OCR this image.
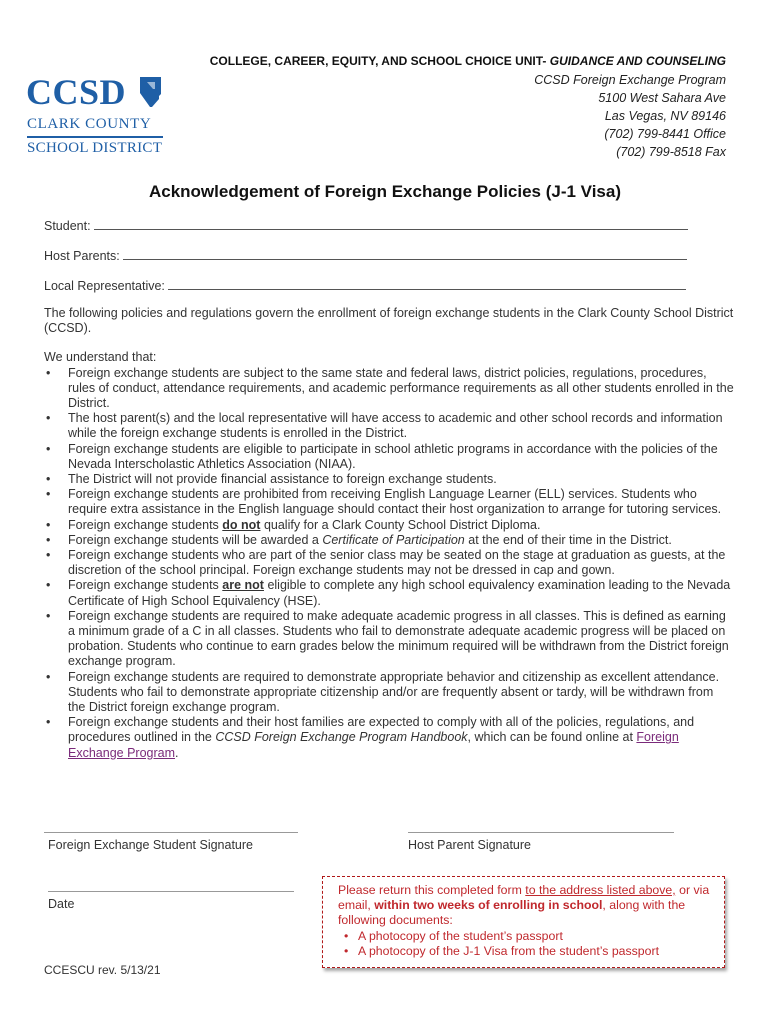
CCSD
CLARK COUNTY
SCHOOL DISTRICT
COLLEGE, CAREER, EQUITY, AND SCHOOL CHOICE UNIT- GUIDANCE AND COUNSELING
CCSD Foreign Exchange Program
5100 West Sahara Ave
Las Vegas, NV 89146
(702) 799-8441 Office
(702) 799-8518 Fax
Acknowledgement of Foreign Exchange Policies (J-1 Visa)
Student:
Host Parents:
Local Representative:

The following policies and regulations govern the enrollment of foreign exchange students in the Clark County School District (CCSD).

We understand that:

• Foreign exchange students are subject to the same state and federal laws, district policies, regulations, procedures, rules of conduct, attendance requirements, and academic performance requirements as all other students enrolled in the District.
• The host parent(s) and the local representative will have access to academic and other school records and information while the foreign exchange students is enrolled in the District.
• Foreign exchange students are eligible to participate in school athletic programs in accordance with the policies of the Nevada Interscholastic Athletics Association (NIAA).
• The District will not provide financial assistance to foreign exchange students.
• Foreign exchange students are prohibited from receiving English Language Learner (ELL) services. Students who require extra assistance in the English language should contact their host organization to arrange for tutoring services.
• Foreign exchange students do not qualify for a Clark County School District Diploma.
• Foreign exchange students will be awarded a Certificate of Participation at the end of their time in the District.
• Foreign exchange students who are part of the senior class may be seated on the stage at graduation as guests, at the discretion of the school principal. Foreign exchange students may not be dressed in cap and gown.
• Foreign exchange students are not eligible to complete any high school equivalency examination leading to the Nevada Certificate of High School Equivalency (HSE).
• Foreign exchange students are required to make adequate academic progress in all classes. This is defined as earning a minimum grade of a C in all classes. Students who fail to demonstrate adequate academic progress will be placed on probation. Students who continue to earn grades below the minimum required will be withdrawn from the District foreign exchange program.
• Foreign exchange students are required to demonstrate appropriate behavior and citizenship as excellent attendance. Students who fail to demonstrate appropriate citizenship and/or are frequently absent or tardy, will be withdrawn from the District foreign exchange program.
• Foreign exchange students and their host families are expected to comply with all of the policies, regulations, and procedures outlined in the CCSD Foreign Exchange Program Handbook, which can be found online at Foreign Exchange Program.
Foreign Exchange Student Signature	Host Parent Signature
Date
CCESCU rev. 5/13/21
Please return this completed form to the address listed above, or via email, within two weeks of enrolling in school, along with the following documents:
• A photocopy of the student’s passport
• A photocopy of the J-1 Visa from the student’s passport
